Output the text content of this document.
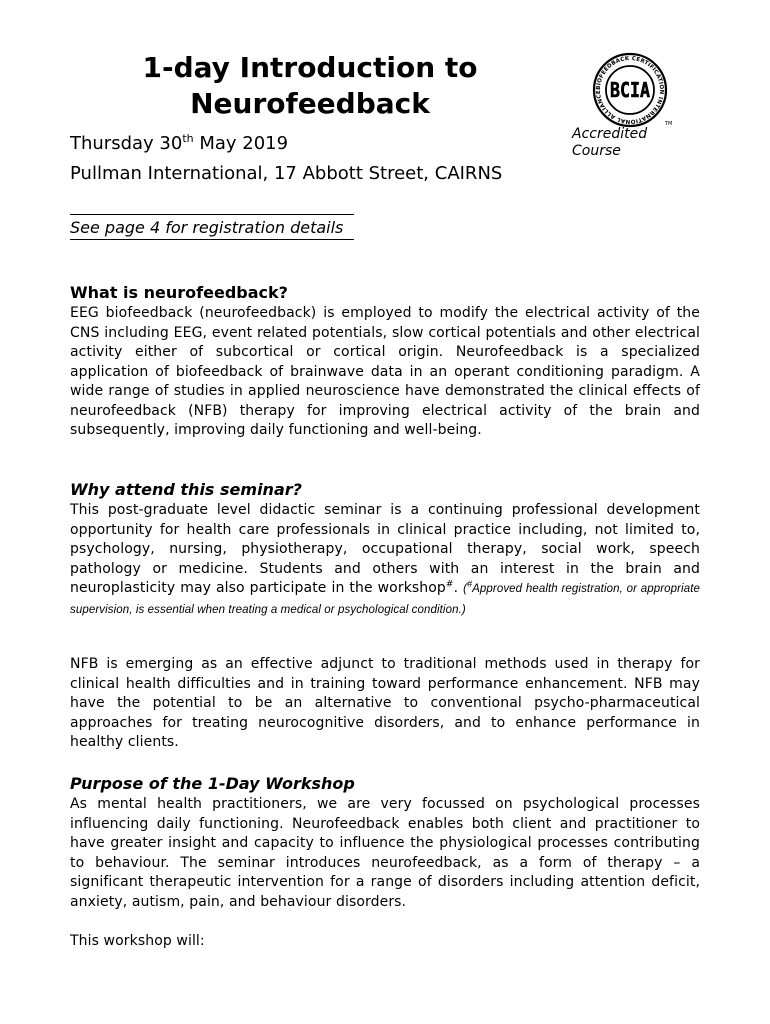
1-day Introduction to
Neurofeedback

Thursday 30th May 2019

Pullman International, 17 Abbott Street, CAIRNS

See page 4 for registration details
BIOFEEDBACK CERTIFICATION INTERNATIONAL ALLIANCE BCIA
TM
Accredited
Course
What is neurofeedback?

EEG biofeedback (neurofeedback) is employed to modify the electrical activity of the CNS including EEG, event related potentials, slow cortical potentials and other electrical activity either of subcortical or cortical origin. Neurofeedback is a specialized application of biofeedback of brainwave data in an operant conditioning paradigm. A wide range of studies in applied neuroscience have demonstrated the clinical effects of neurofeedback (NFB) therapy for improving electrical activity of the brain and subsequently, improving daily functioning and well-being.

Why attend this seminar?

This post-graduate level didactic seminar is a continuing professional development opportunity for health care professionals in clinical practice including, not limited to, psychology, nursing, physiotherapy, occupational therapy, social work, speech pathology or medicine. Students and others with an interest in the brain and neuroplasticity may also participate in the workshop#. (#Approved health registration, or appropriate supervision, is essential when treating a medical or psychological condition.)

NFB is emerging as an effective adjunct to traditional methods used in therapy for clinical health difficulties and in training toward performance enhancement. NFB may have the potential to be an alternative to conventional psycho-pharmaceutical approaches for treating neurocognitive disorders, and to enhance performance in healthy clients.

Purpose of the 1-Day Workshop

As mental health practitioners, we are very focussed on psychological processes influencing daily functioning. Neurofeedback enables both client and practitioner to have greater insight and capacity to influence the physiological processes contributing to behaviour. The seminar introduces neurofeedback, as a form of therapy – a significant therapeutic intervention for a range of disorders including attention deficit, anxiety, autism, pain, and behaviour disorders.

This workshop will:
